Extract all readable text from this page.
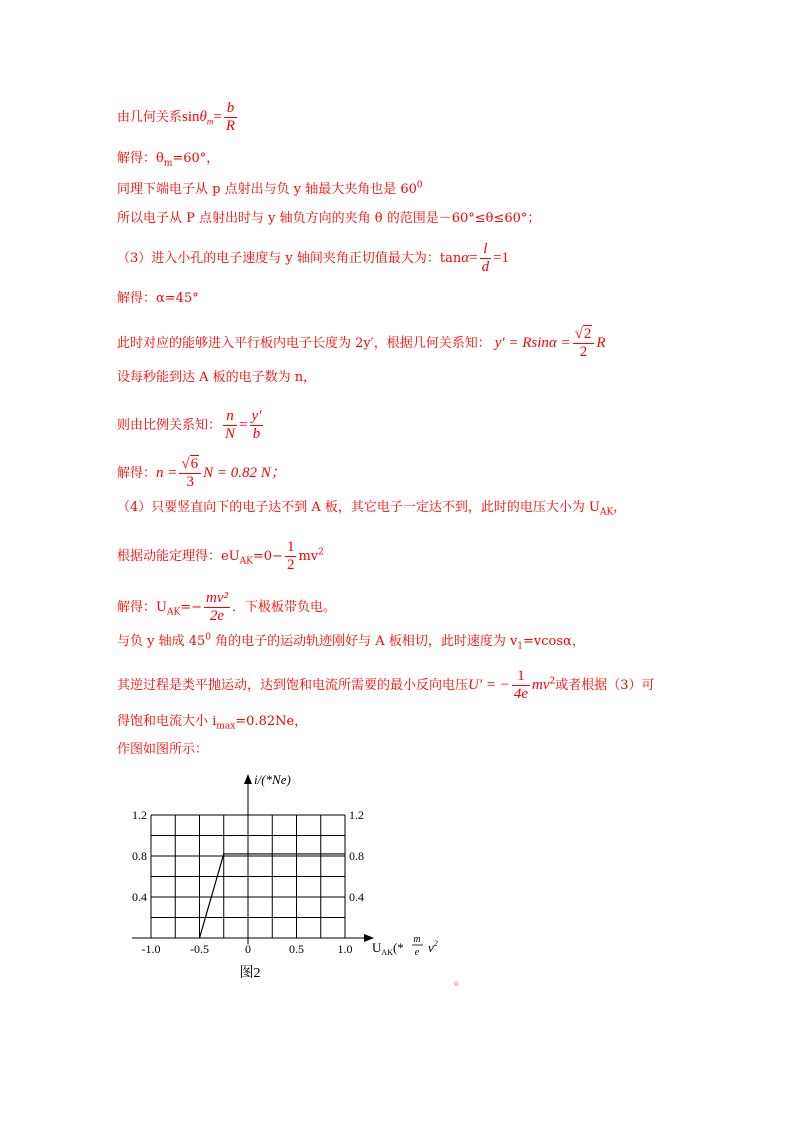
由几何关系$\sin\theta_m= \frac{b}{R}$
解得：$\theta_m=60^\circ$，
同理下端电子从 p 点射出与负 y 轴最大夹角也是 $60^0$
所以电子从 P 点射出时与 y 轴负方向的夹角 θ 的范围是－60°≤θ≤60°；
（3）进入小孔的电子速度与 y 轴间夹角正切值最大为：$\tan\alpha= \frac{l}{d} =1$
解得：α=45°
此时对应的能够进入平行板内电子长度为 2y′，根据几何关系知： $y' = Rsin\alpha = \frac{√2}{2}$ R
设每秒能到达 A 板的电子数为 n，
则由比例关系知： $\frac{n}{N} = \frac{y'}{b}$
解得：$n = \frac{√6}{3}$ N = 0.82 N；
（4）只要竖直向下的电子达不到 A 板，其它电子一定达不到，此时的电压大小为 $U_{AK}$，
根据动能定理得：$eU_{AK}=0- \frac{1}{2} mv^2$
解得：$U_{AK}=- \frac{\text{mv²}}{2e}$ ．下极板带负电。
与负 y 轴成 $45^0$ 角的电子的运动轨迹刚好与 A 板相切，此时速度为 $v_1=vcos\alpha$，
其逆过程是类平抛运动，达到饱和电流所需要的最小反向电压U′ = − $\frac{1}{4e} mv^2$或者根据（3）可
得饱和电流大小 $i_{max}=0.82Ne$，
作图如图所示：
-1.0 -0.5	0	0.5	1.0
1.2	1.2
0.8	0.8
0.4	0.4
i/(*Ne)
$U_{AK}(*$
m
e $v^2$
图2	。
